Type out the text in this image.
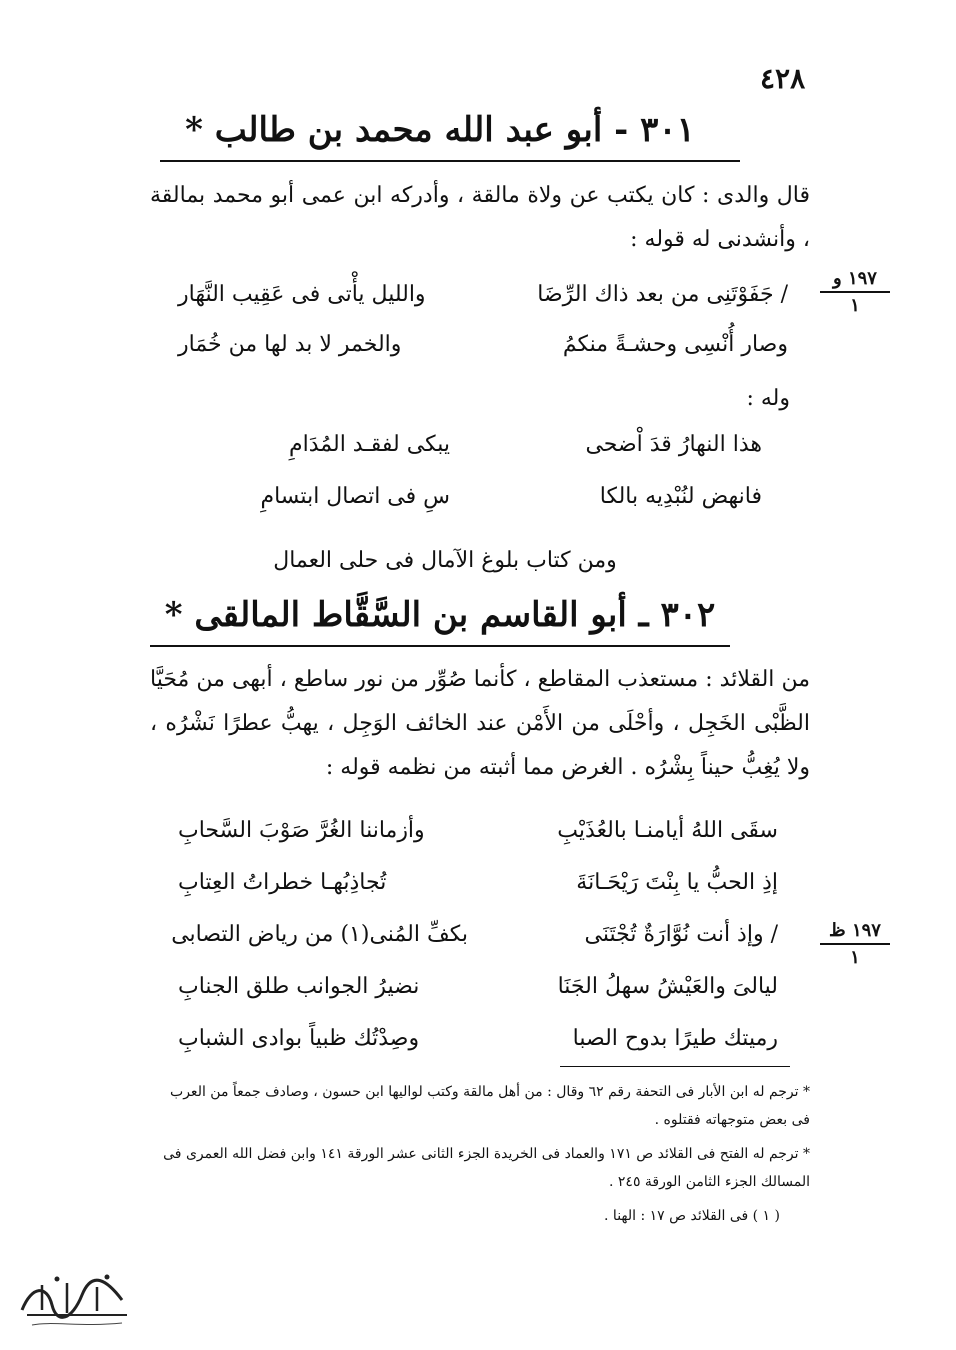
٤٢٨
٣٠١ - أبو عبد الله محمد بن طالب *
قال والدى : كان يكتب عن ولاة مالقة ، وأدركه ابن عمى أبو محمد بمالقة ، وأنشدنى له قوله :
١٩٧ و
١
/ جَفَوْتَنِى من بعد ذاك الرِّضَا
والليل يأْتى فى عَقِيب النَّهَار
وصار أُنْسِى وحشـةً منكمُ
والخمر لا بد لها من خُمَار
وله :
هذا النهارُ قدَ اْضحى
يبكى لفقـد المُدَامِ
فانهض لنُبْدِيه بالكا
سِ فى اتصال ابتسامِ
ومن كتاب بلوغ الآمال فى حلى العمال
٣٠٢ ـ أبو القاسم بن السَّقَّاط المالقى *
من القلائد : مستعذب المقاطع ، كأنما صُوِّر من نور ساطع ، أبهى من مُحَيَّا الظَّبْى الخَجِل ، وأحْلَى من الأَمْن عند الخائف الوَجِل ، يهبُّ عطرًا نَشْرُه ، ولا يُغِبُّ حيناً بِشْرُه . الغرض مما أثبته من نظمه قوله :
١٩٧ ظ
١
سقَى اللهُ أيامنـا بالعُذَيْبِ
وأزماننا الغُرَّ صَوْبَ السَّحابِ
إذِ الحبُّ يا بِنْتَ رَيْحَـانَةَ
تُجاذِبُهـا خطراتُ العِتابِ
/ وإذ أنت نُوَّارَةٌ تُجْتَنَى
بكفِّ المُنى(١) من رياض التصابى
ليالىَ والعَيْشُ سهلُ الجَنَا
نضيرُ الجوانب طلق الجنابِ
رميتك طيرًا بدوح الصبا
وصِدْتُك ظبياً بوادى الشبابِ
* ترجم له ابن الأبار فى التحفة رقم ٦٢ وقال : من أهل مالقة وكتب لواليها ابن حسون ، وصادف جمعاً من العرب فى بعض متوجهاته فقتلوه .
* ترجم له الفتح فى القلائد ص ١٧١ والعماد فى الخريدة الجزء الثانى عشر الورقة ١٤١ وابن فضل الله العمرى فى المسالك الجزء الثامن الورقة ٢٤٥ .
( ١ ) فى القلائد ص ١٧ : الهنا .
